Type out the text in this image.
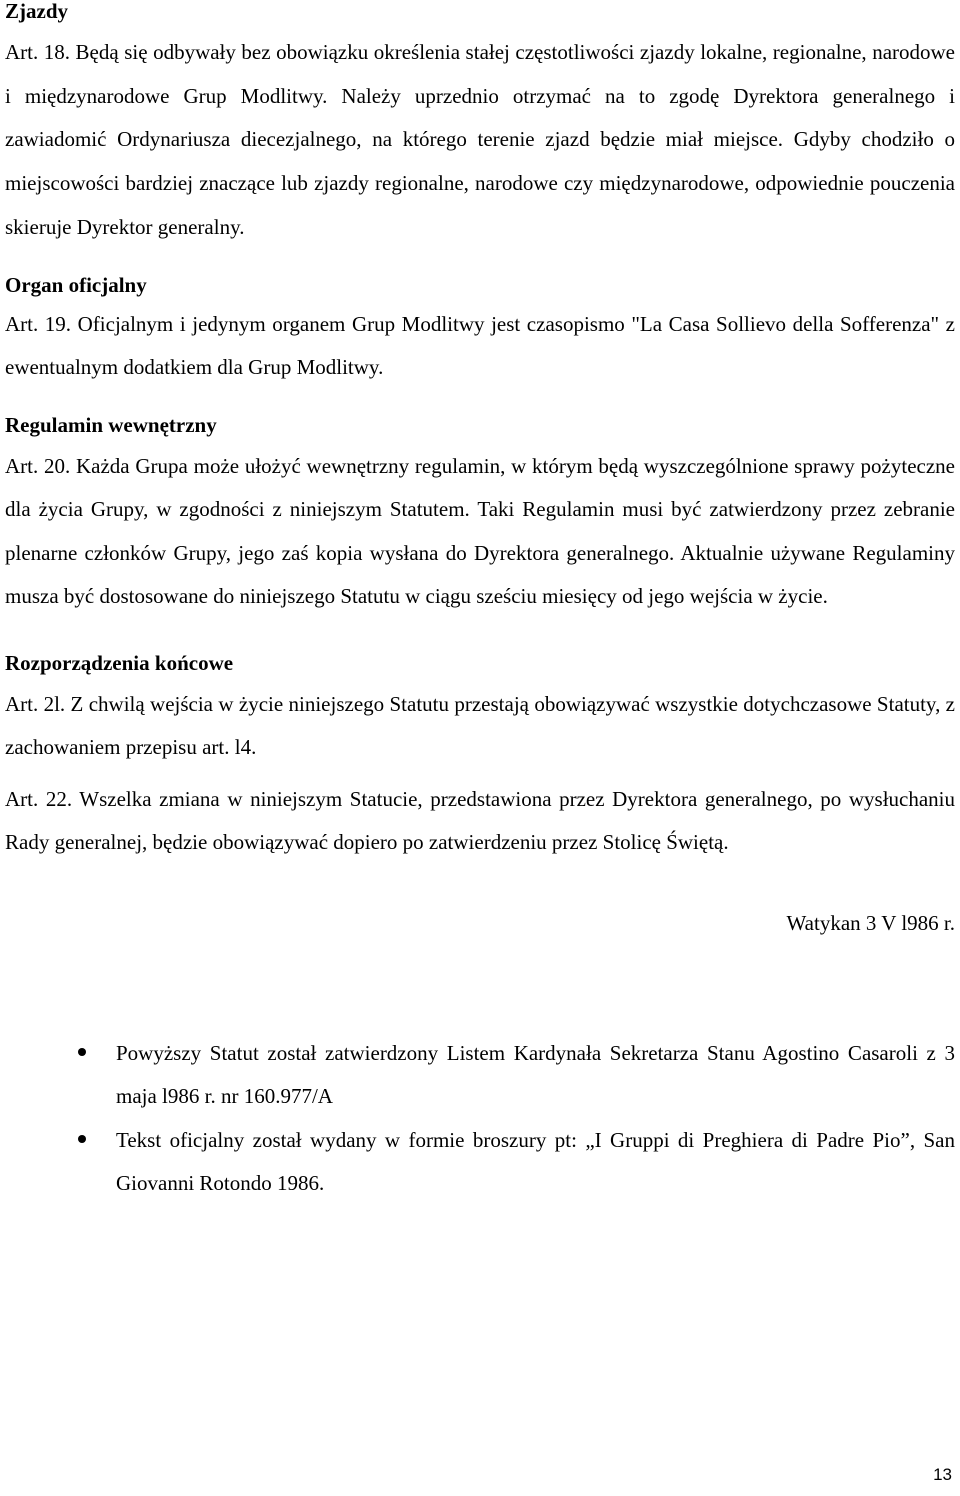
Zjazdy

Art. 18. Będą się odbywały bez obowiązku określenia stałej częstotliwości zjazdy lokalne, regionalne, narodowe i międzynarodowe Grup Modlitwy. Należy uprzednio otrzymać na to zgodę Dyrektora generalnego i zawiadomić Ordynariusza diecezjalnego, na którego terenie zjazd będzie miał miejsce. Gdyby chodziło o miejscowości bardziej znaczące lub zjazdy regionalne, narodowe czy międzynarodowe, odpowiednie pouczenia skieruje Dyrektor generalny.

Organ oficjalny

Art. 19. Oficjalnym i jedynym organem Grup Modlitwy jest czasopismo "La Casa Sollievo della Sofferenza" z ewentualnym dodatkiem dla Grup Modlitwy.

Regulamin wewnętrzny

Art. 20. Każda Grupa może ułożyć wewnętrzny regulamin, w którym będą wyszczególnione sprawy pożyteczne dla życia Grupy, w zgodności z niniejszym Statutem. Taki Regulamin musi być zatwierdzony przez zebranie plenarne członków Grupy, jego zaś kopia wysłana do Dyrektora generalnego. Aktualnie używane Regulaminy musza być dostosowane do niniejszego Statutu w ciągu sześciu miesięcy od jego wejścia w życie.

Rozporządzenia końcowe

Art. 2l. Z chwilą wejścia w życie niniejszego Statutu przestają obowiązywać wszystkie dotychczasowe Statuty, z zachowaniem przepisu art. l4.

Art. 22. Wszelka zmiana w niniejszym Statucie, przedstawiona przez Dyrektora generalnego, po wysłuchaniu Rady generalnej, będzie obowiązywać dopiero po zatwierdzeniu przez Stolicę Świętą.

Watykan 3 V l986 r.

Powyższy Statut został zatwierdzony Listem Kardynała Sekretarza Stanu Agostino Casaroli z 3 maja l986 r. nr 160.977/A
Tekst oficjalny został wydany w formie broszury pt: „I Gruppi di Preghiera di Padre Pio”, San Giovanni Rotondo 1986.
13
